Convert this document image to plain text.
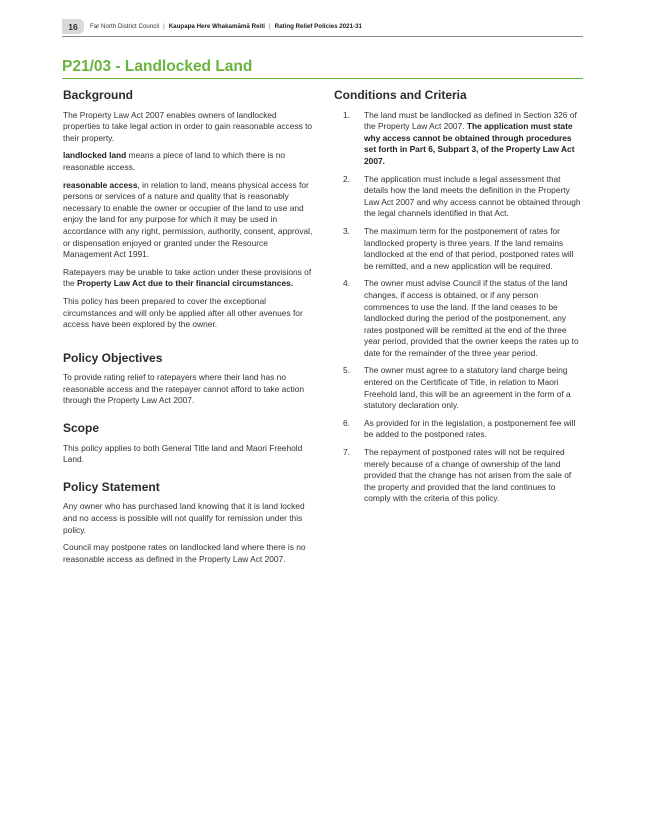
16	Far North District Council | Kaupapa Here Whakamāmā Reiti | Rating Relief Policies 2021-31
P21/03 - Landlocked Land
Background

The Property Law Act 2007 enables owners of landlocked properties to take legal action in order to gain reasonable access to their property.

landlocked land means a piece of land to which there is no reasonable access.

reasonable access, in relation to land, means physical access for persons or services of a nature and quality that is reasonably necessary to enable the owner or occupier of the land to use and enjoy the land for any purpose for which it may be used in accordance with any right, permission, authority, consent, approval, or dispensation enjoyed or granted under the Resource Management Act 1991.

Ratepayers may be unable to take action under these provisions of the Property Law Act due to their financial circumstances.

This policy has been prepared to cover the exceptional circumstances and will only be applied after all other avenues for access have been explored by the owner.

Policy Objectives

To provide rating relief to ratepayers where their land has no reasonable access and the ratepayer cannot afford to take action through the Property Law Act 2007.

Scope

This policy applies to both General Title land and Maori Freehold Land.

Policy Statement

Any owner who has purchased land knowing that it is land locked and no access is possible will not qualify for remission under this policy.

Council may postpone rates on landlocked land where there is no reasonable access as defined in the Property Law Act 2007.

Conditions and Criteria
1. The land must be landlocked as defined in Section 326 of the Property Law Act 2007. The application must state why access cannot be obtained through procedures set forth in Part 6, Subpart 3, of the Property Law Act 2007.
2. The application must include a legal assessment that details how the land meets the definition in the Property Law Act 2007 and why access cannot be obtained through the legal channels identified in that Act.
3. The maximum term for the postponement of rates for landlocked property is three years. If the land remains landlocked at the end of that period, postponed rates will be remitted, and a new application will be required.
4. The owner must advise Council if the status of the land changes, if access is obtained, or if any person commences to use the land. If the land ceases to be landlocked during the period of the postponement, any rates postponed will be remitted at the end of the three year period, provided that the owner keeps the rates up to date for the remainder of the three year period.
5. The owner must agree to a statutory land charge being entered on the Certificate of Title, in relation to Maori Freehold land, this will be an agreement in the form of a statutory declaration only.
6. As provided for in the legislation, a postponement fee will be added to the postponed rates.
7. The repayment of postponed rates will not be required merely because of a change of ownership of the land provided that the change has not arisen from the sale of the property and provided that the land continues to comply with the criteria of this policy.
